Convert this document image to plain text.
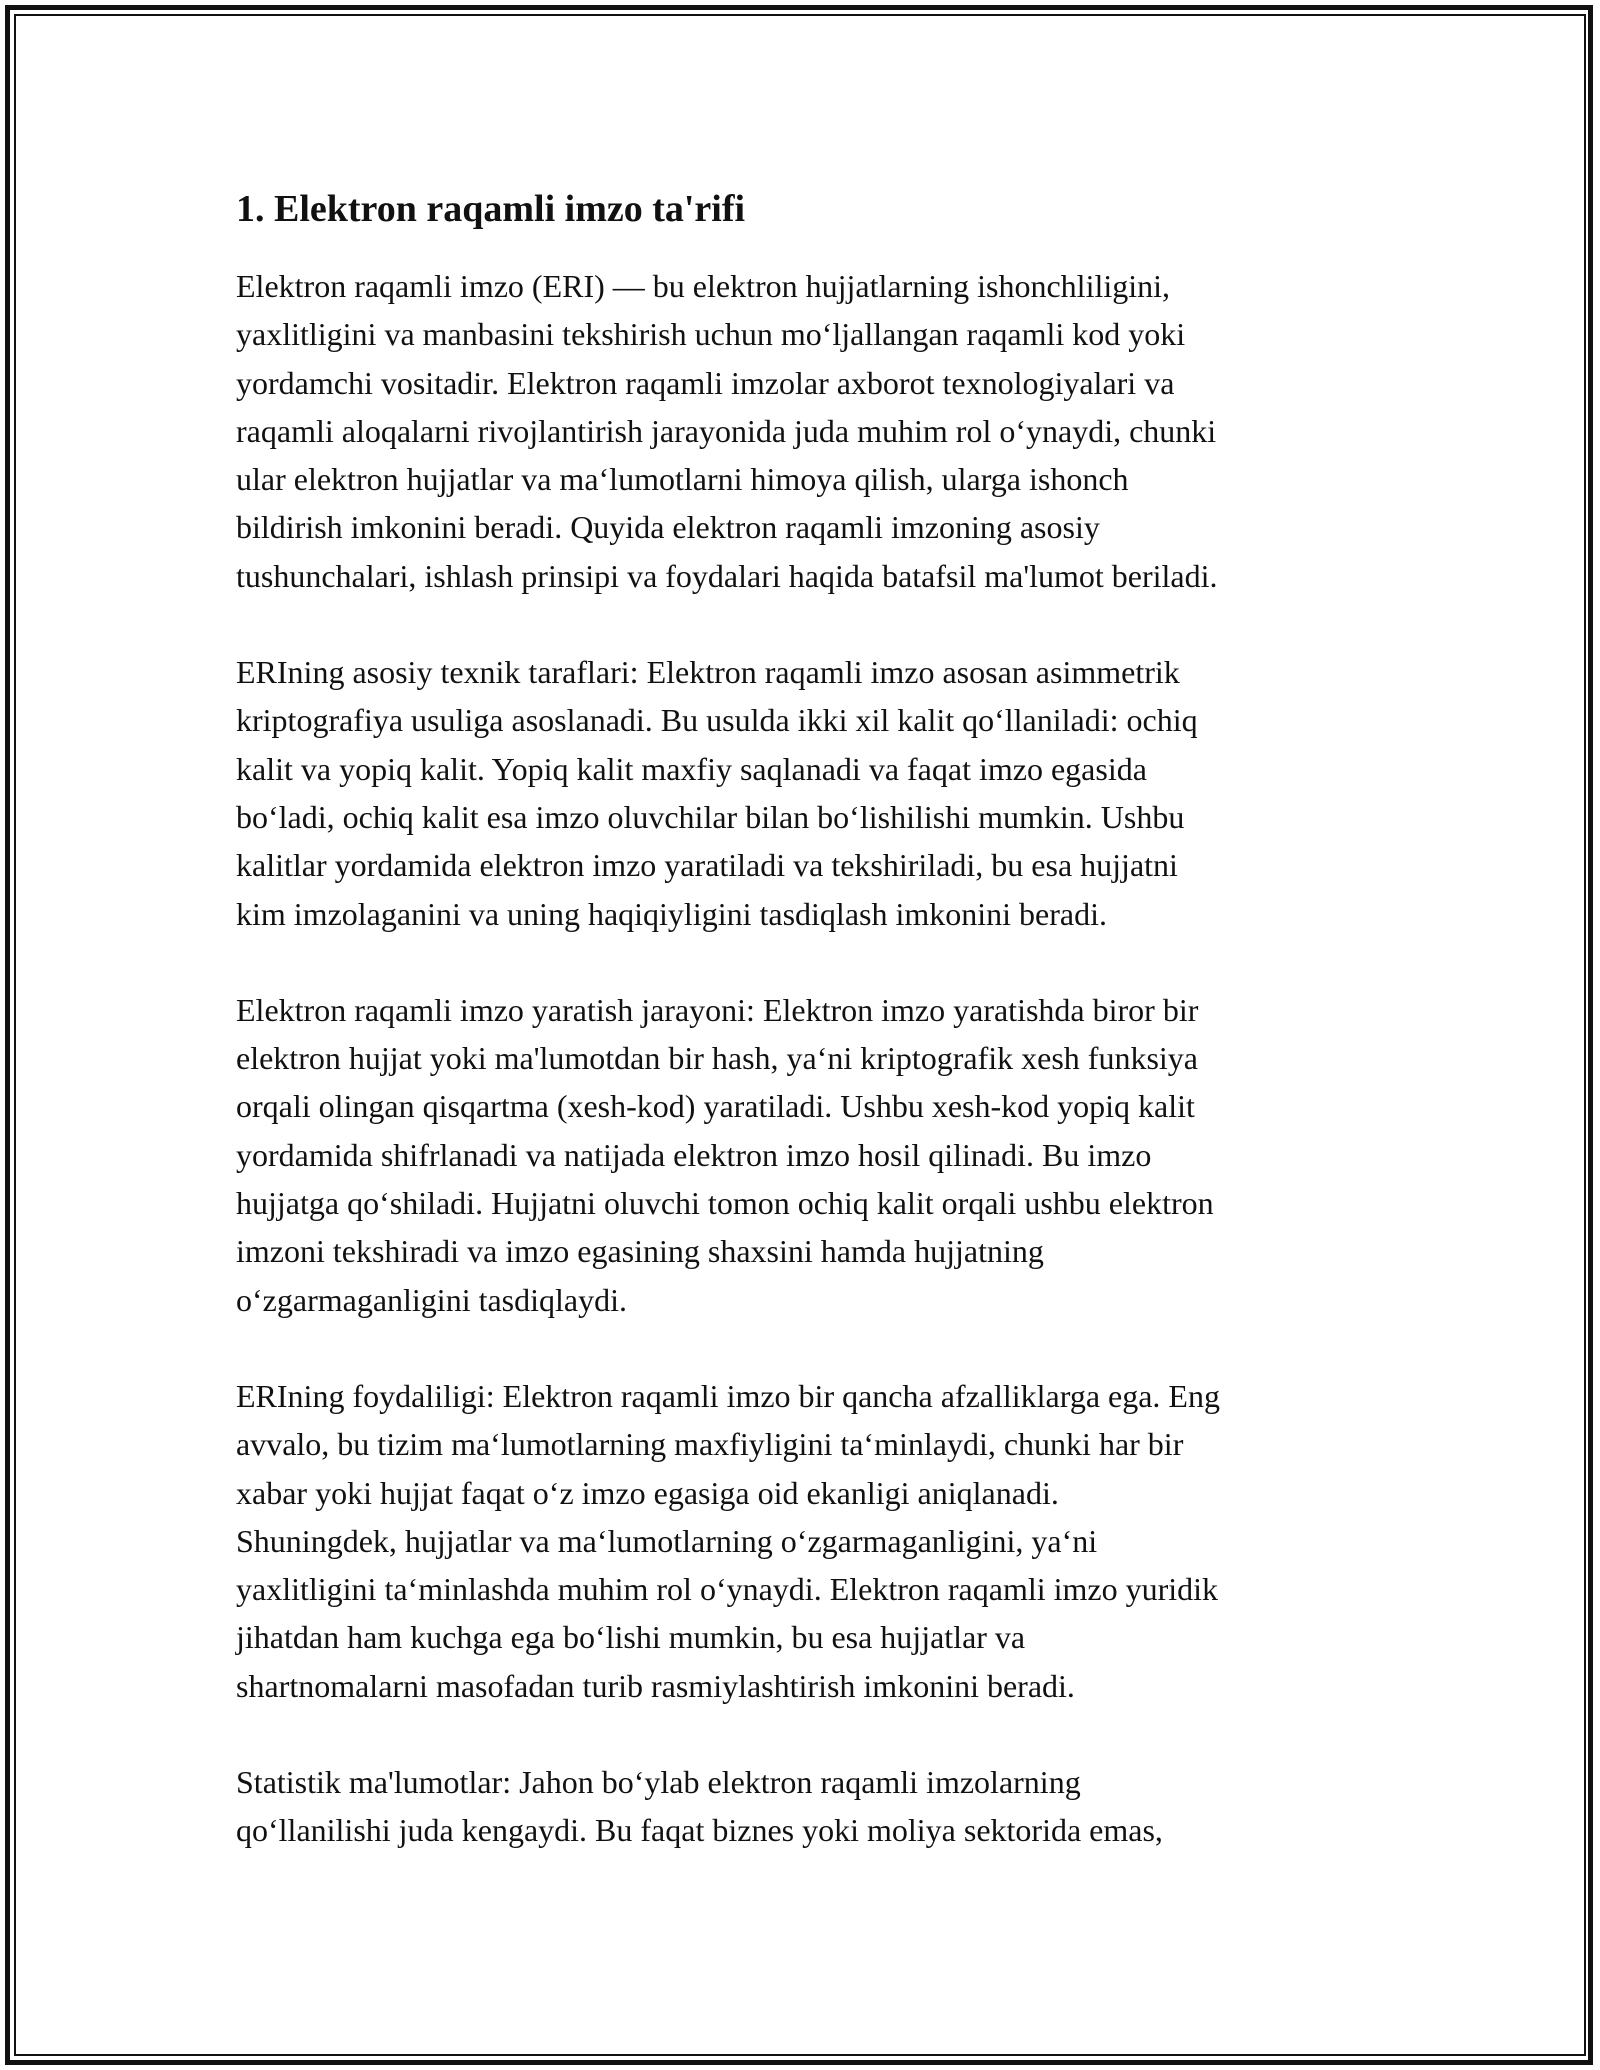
1. Elektron raqamli imzo ta'rifi

Elektron raqamli imzo (ERI) — bu elektron hujjatlarning ishonchliligini,
yaxlitligini va manbasini tekshirish uchun mo‘ljallangan raqamli kod yoki
yordamchi vositadir. Elektron raqamli imzolar axborot texnologiyalari va
raqamli aloqalarni rivojlantirish jarayonida juda muhim rol o‘ynaydi, chunki
ular elektron hujjatlar va ma‘lumotlarni himoya qilish, ularga ishonch
bildirish imkonini beradi. Quyida elektron raqamli imzoning asosiy
tushunchalari, ishlash prinsipi va foydalari haqida batafsil ma'lumot beriladi.

ERIning asosiy texnik taraflari: Elektron raqamli imzo asosan asimmetrik
kriptografiya usuliga asoslanadi. Bu usulda ikki xil kalit qo‘llaniladi: ochiq
kalit va yopiq kalit. Yopiq kalit maxfiy saqlanadi va faqat imzo egasida
bo‘ladi, ochiq kalit esa imzo oluvchilar bilan bo‘lishilishi mumkin. Ushbu
kalitlar yordamida elektron imzo yaratiladi va tekshiriladi, bu esa hujjatni
kim imzolaganini va uning haqiqiyligini tasdiqlash imkonini beradi.

Elektron raqamli imzo yaratish jarayoni: Elektron imzo yaratishda biror bir
elektron hujjat yoki ma'lumotdan bir hash, ya‘ni kriptografik xesh funksiya
orqali olingan qisqartma (xesh-kod) yaratiladi. Ushbu xesh-kod yopiq kalit
yordamida shifrlanadi va natijada elektron imzo hosil qilinadi. Bu imzo
hujjatga qo‘shiladi. Hujjatni oluvchi tomon ochiq kalit orqali ushbu elektron
imzoni tekshiradi va imzo egasining shaxsini hamda hujjatning
o‘zgarmaganligini tasdiqlaydi.

ERIning foydaliligi: Elektron raqamli imzo bir qancha afzalliklarga ega. Eng
avvalo, bu tizim ma‘lumotlarning maxfiyligini ta‘minlaydi, chunki har bir
xabar yoki hujjat faqat o‘z imzo egasiga oid ekanligi aniqlanadi.
Shuningdek, hujjatlar va ma‘lumotlarning o‘zgarmaganligini, ya‘ni
yaxlitligini ta‘minlashda muhim rol o‘ynaydi. Elektron raqamli imzo yuridik
jihatdan ham kuchga ega bo‘lishi mumkin, bu esa hujjatlar va
shartnomalarni masofadan turib rasmiylashtirish imkonini beradi.

Statistik ma'lumotlar: Jahon bo‘ylab elektron raqamli imzolarning
qo‘llanilishi juda kengaydi. Bu faqat biznes yoki moliya sektorida emas,
